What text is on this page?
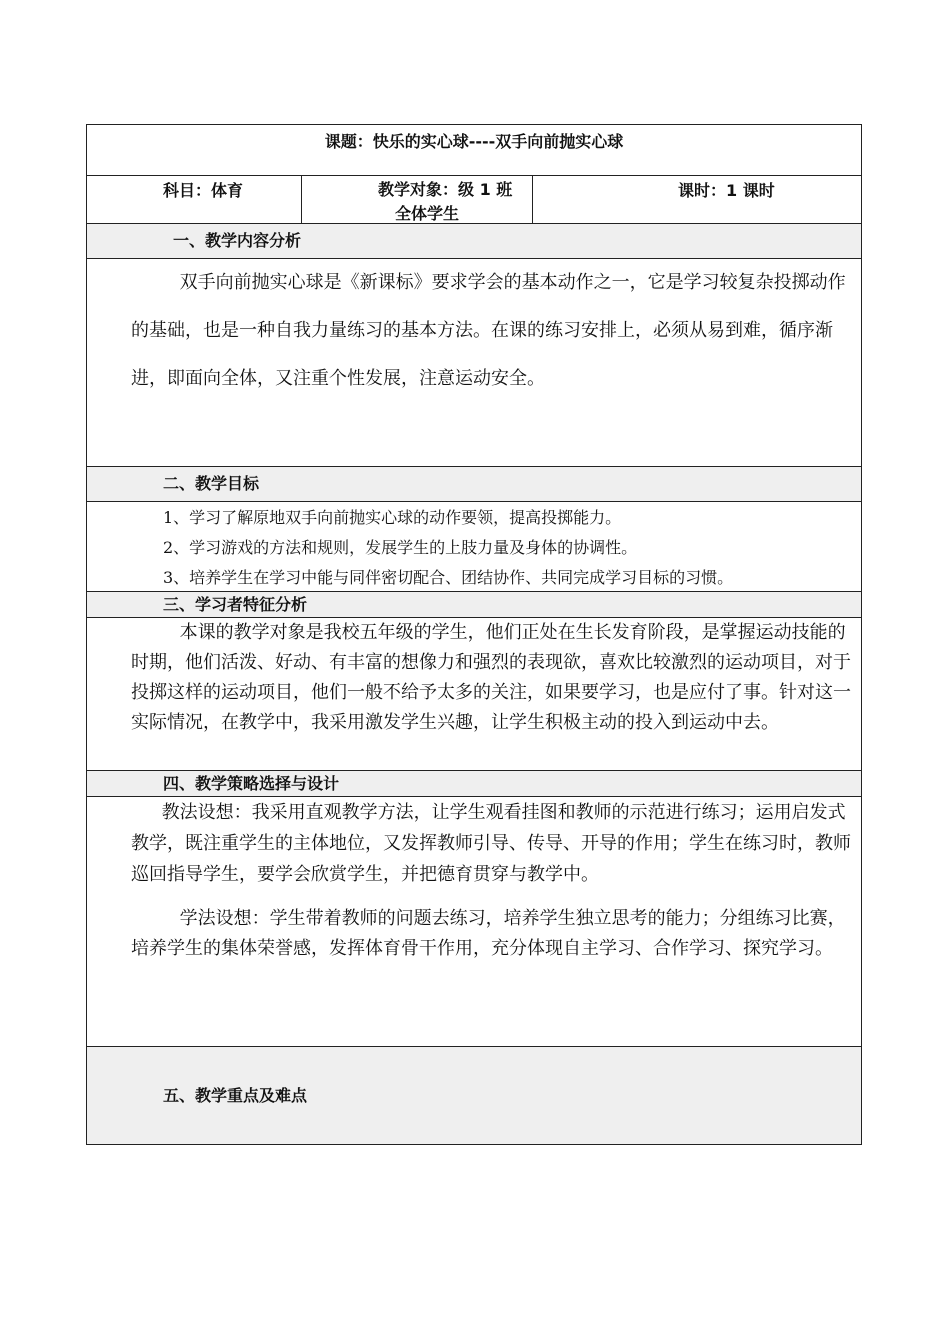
课题：快乐的实心球----双手向前抛实心球
科目：体育	教学对象：级 1 班
全体学生
课时：1 课时
一、教学内容分析

双手向前抛实心球是《新课标》要求学会的基本动作之一，它是学习较复杂投掷动作的基础，也是一种自我力量练习的基本方法。在课的练习安排上，必须从易到难，循序渐进，即面向全体，又注重个性发展，注意运动安全。

二、教学目标
1、学习了解原地双手向前抛实心球的动作要领，提高投掷能力。
2、学习游戏的方法和规则，发展学生的上肢力量及身体的协调性。
3、培养学生在学习中能与同伴密切配合、团结协作、共同完成学习目标的习惯。
三、学习者特征分析

本课的教学对象是我校五年级的学生，他们正处在生长发育阶段，是掌握运动技能的时期，他们活泼、好动、有丰富的想像力和强烈的表现欲，喜欢比较激烈的运动项目，对于投掷这样的运动项目，他们一般不给予太多的关注，如果要学习，也是应付了事。针对这一实际情况，在教学中，我采用激发学生兴趣，让学生积极主动的投入到运动中去。

四、教学策略选择与设计

教法设想：我采用直观教学方法，让学生观看挂图和教师的示范进行练习；运用启发式教学，既注重学生的主体地位，又发挥教师引导、传导、开导的作用；学生在练习时，教师巡回指导学生，要学会欣赏学生，并把德育贯穿与教学中。

学法设想：学生带着教师的问题去练习，培养学生独立思考的能力；分组练习比赛，培养学生的集体荣誉感，发挥体育骨干作用，充分体现自主学习、合作学习、探究学习。

五、教学重点及难点
